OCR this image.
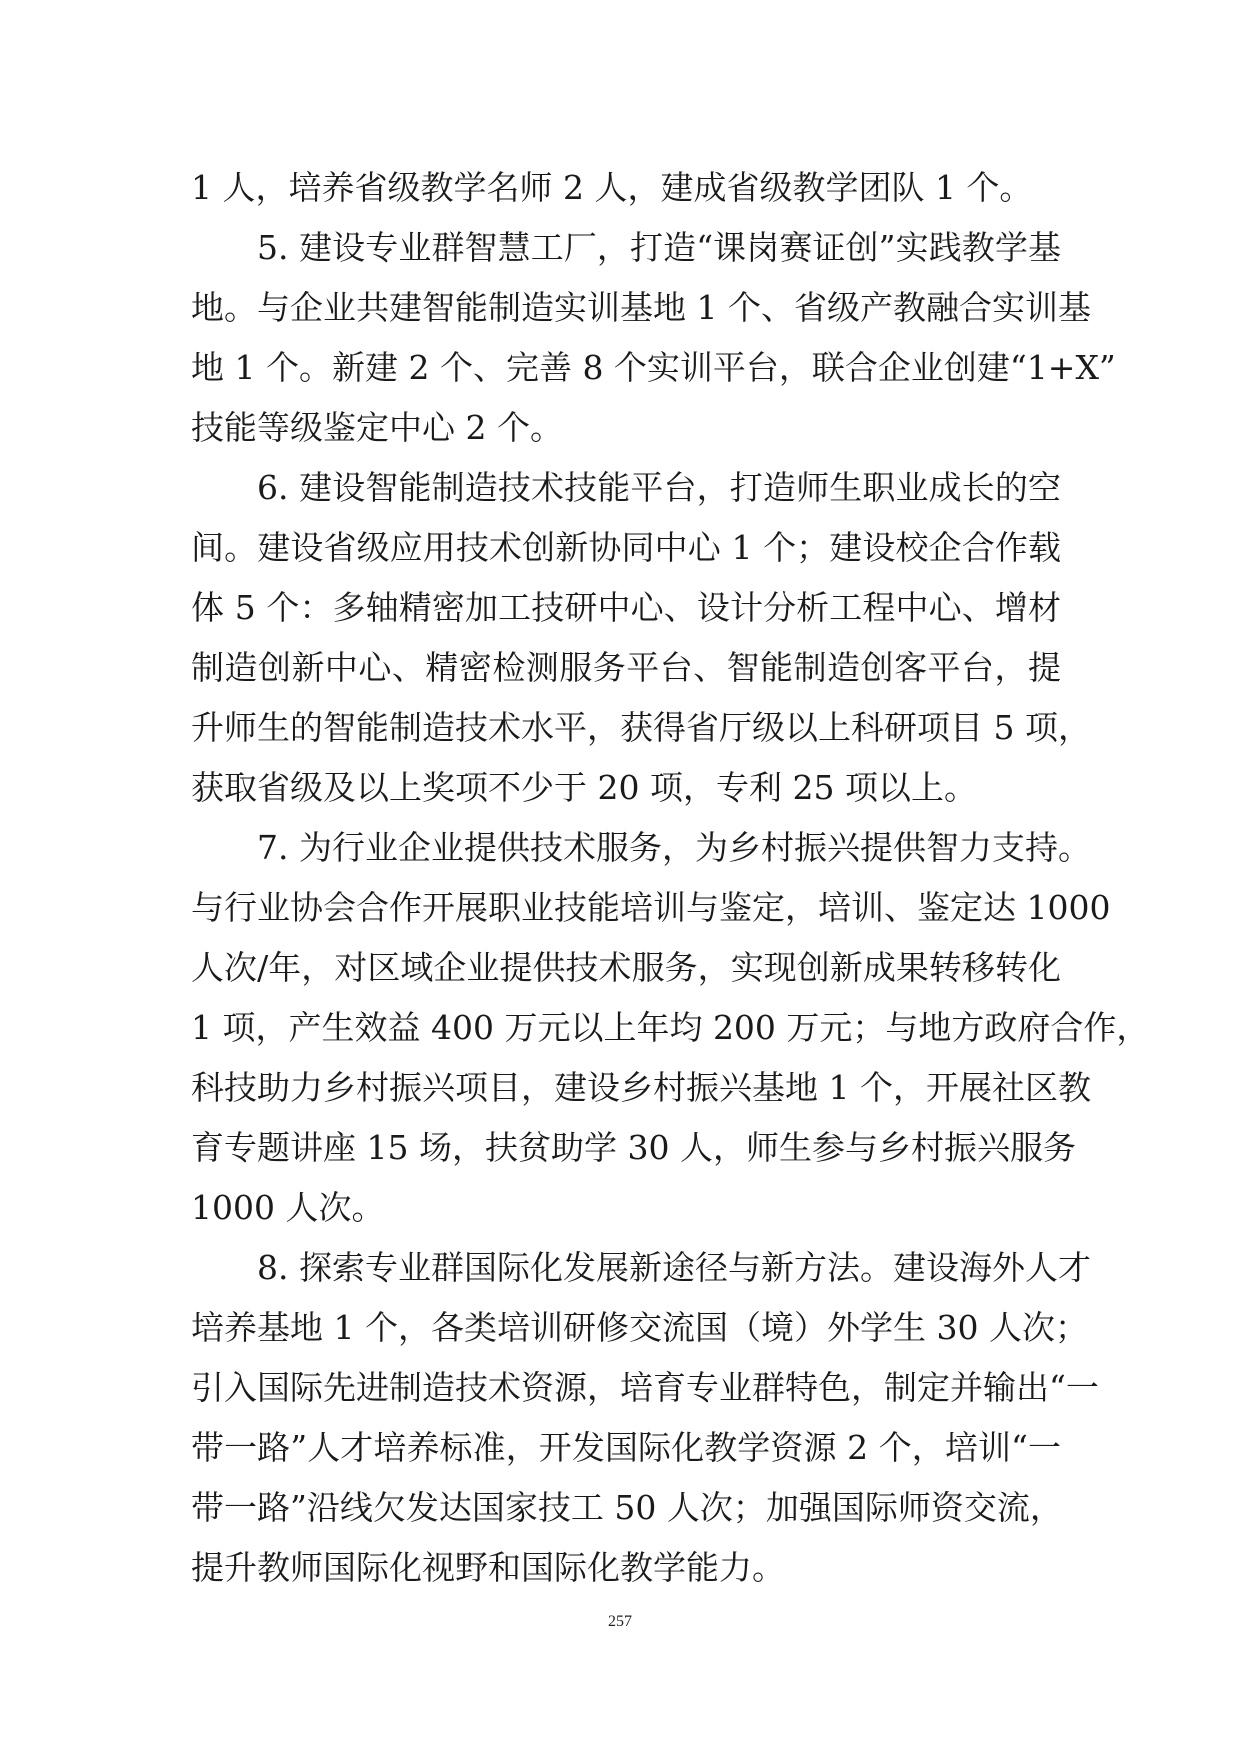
1 人，培养省级教学名师 2 人，建成省级教学团队 1 个。
5. 建设专业群智慧工厂，打造“课岗赛证创”实践教学基
地。与企业共建智能制造实训基地 1 个、省级产教融合实训基
地 1 个。新建 2 个、完善 8 个实训平台，联合企业创建“1+X”
技能等级鉴定中心 2 个。
6. 建设智能制造技术技能平台，打造师生职业成长的空
间。建设省级应用技术创新协同中心 1 个；建设校企合作载
体 5 个：多轴精密加工技研中心、设计分析工程中心、增材
制造创新中心、精密检测服务平台、智能制造创客平台，提
升师生的智能制造技术水平，获得省厅级以上科研项目 5 项，
获取省级及以上奖项不少于 20 项，专利 25 项以上。
7. 为行业企业提供技术服务，为乡村振兴提供智力支持。
与行业协会合作开展职业技能培训与鉴定，培训、鉴定达 1000
人次/年，对区域企业提供技术服务，实现创新成果转移转化
1 项，产生效益 400 万元以上年均 200 万元；与地方政府合作，
科技助力乡村振兴项目，建设乡村振兴基地 1 个，开展社区教
育专题讲座 15 场，扶贫助学 30 人，师生参与乡村振兴服务
1000 人次。
8. 探索专业群国际化发展新途径与新方法。建设海外人才
培养基地 1 个，各类培训研修交流国（境）外学生 30 人次；
引入国际先进制造技术资源，培育专业群特色，制定并输出“一
带一路”人才培养标准，开发国际化教学资源 2 个，培训“一
带一路”沿线欠发达国家技工 50 人次；加强国际师资交流，
提升教师国际化视野和国际化教学能力。
257
